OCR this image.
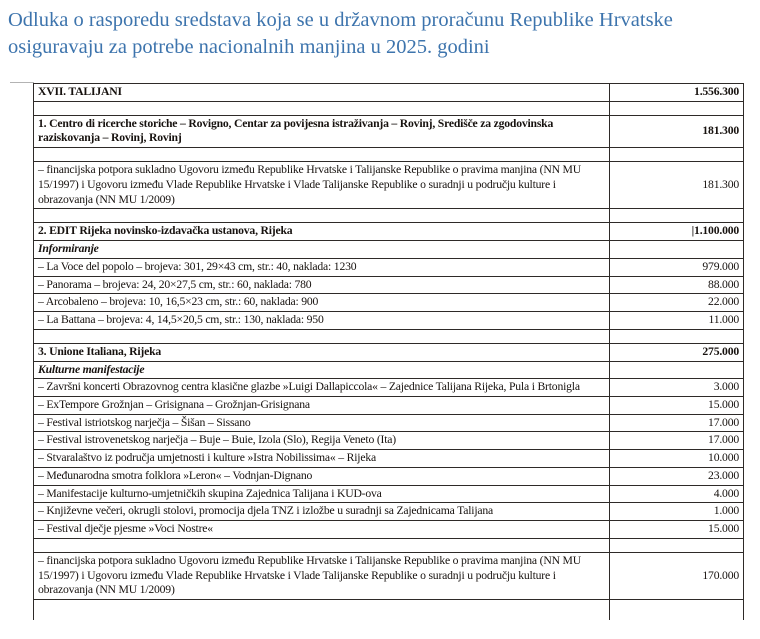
Odluka o rasporedu sredstava koja se u državnom proračunu Republike Hrvatske osiguravaju za potrebe nacionalnih manjina u 2025. godini
XVII. TALIJANI	1.556.300

1. Centro di ricerche storiche – Rovigno, Centar za povijesna istraživanja – Rovinj, Središče za zgodovinska raziskovanja – Rovinj, Rovinj	181.300

– financijska potpora sukladno Ugovoru između Republike Hrvatske i Talijanske Republike o pravima manjina (NN MU 15/1997) i Ugovoru između Vlade Republike Hrvatske i Vlade Talijanske Republike o suradnji u području kulture i obrazovanja (NN MU 1/2009)	181.300

2. EDIT Rijeka novinsko-izdavačka ustanova, Rijeka	|1.100.000
Informiranje	
– La Voce del popolo – brojeva: 301, 29×43 cm, str.: 40, naklada: 1230	979.000
– Panorama – brojeva: 24, 20×27,5 cm, str.: 60, naklada: 780	88.000
– Arcobaleno – brojeva: 10, 16,5×23 cm, str.: 60, naklada: 900	22.000
– La Battana – brojeva: 4, 14,5×20,5 cm, str.: 130, naklada: 950	11.000

3. Unione Italiana, Rijeka	275.000
Kulturne manifestacije	
– Završni koncerti Obrazovnog centra klasične glazbe »Luigi Dallapiccola« – Zajednice Talijana Rijeka, Pula i Brtonigla	3.000
– ExTempore Grožnjan – Grisignana – Grožnjan-Grisignana	15.000
– Festival istriotskog narječja – Šišan – Sissano	17.000
– Festival istrovenetskog narječja – Buje – Buie, Izola (Slo), Regija Veneto (Ita)	17.000
– Stvaralaštvo iz područja umjetnosti i kulture »Istra Nobilissima« – Rijeka	10.000
– Međunarodna smotra folklora »Leron« – Vodnjan-Dignano	23.000
– Manifestacije kulturno-umjetničkih skupina Zajednica Talijana i KUD-ova	4.000
– Književne večeri, okrugli stolovi, promocija djela TNZ i izložbe u suradnji sa Zajednicama Talijana	1.000
– Festival dječje pjesme »Voci Nostre«	15.000

– financijska potpora sukladno Ugovoru između Republike Hrvatske i Talijanske Republike o pravima manjina (NN MU 15/1997) i Ugovoru između Vlade Republike Hrvatske i Vlade Talijanske Republike o suradnji u području kulture i obrazovanja (NN MU 1/2009)	170.000
